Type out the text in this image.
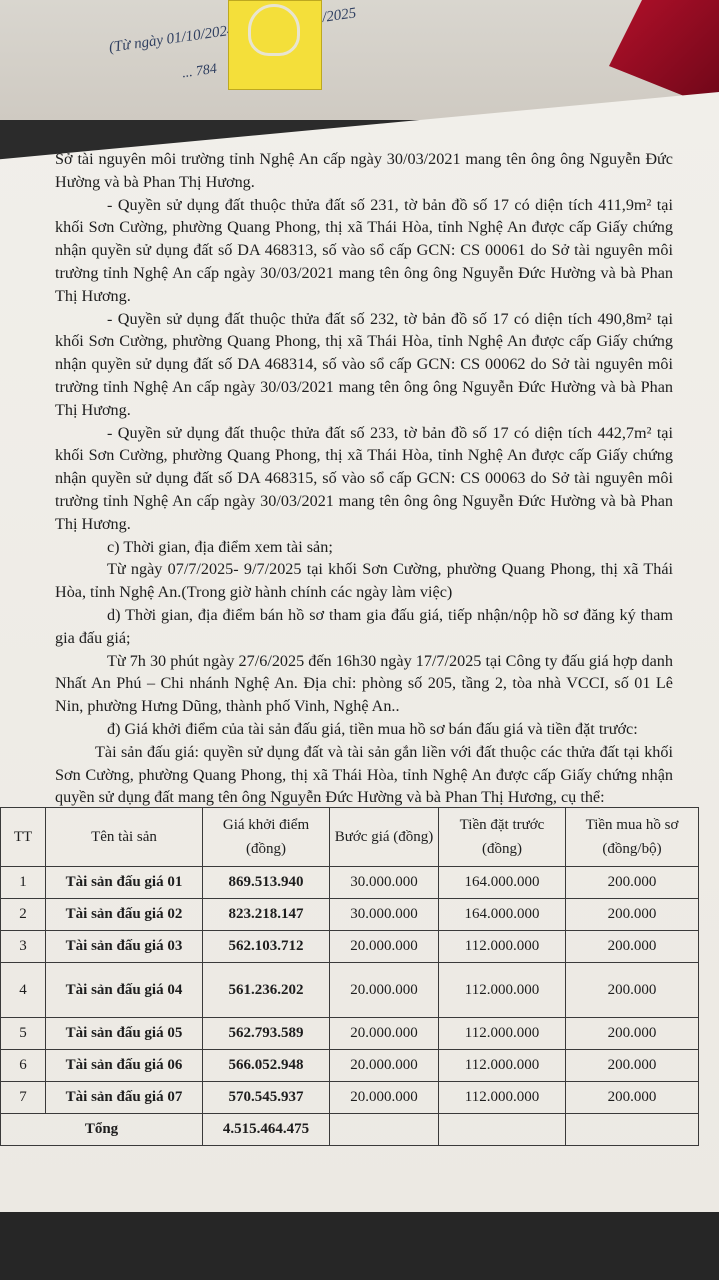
(Từ ngày 01/10/2024 25/6/2025
... 784

Sở tài nguyên môi trường tỉnh Nghệ An cấp ngày 30/03/2021 mang tên ông ông Nguyễn Đức Hường và bà Phan Thị Hương.

- Quyền sử dụng đất thuộc thửa đất số 231, tờ bản đồ số 17 có diện tích 411,9m² tại khối Sơn Cường, phường Quang Phong, thị xã Thái Hòa, tỉnh Nghệ An được cấp Giấy chứng nhận quyền sử dụng đất số DA 468313, số vào sổ cấp GCN: CS 00061 do Sở tài nguyên môi trường tỉnh Nghệ An cấp ngày 30/03/2021 mang tên ông ông Nguyễn Đức Hường và bà Phan Thị Hương.

- Quyền sử dụng đất thuộc thửa đất số 232, tờ bản đồ số 17 có diện tích 490,8m² tại khối Sơn Cường, phường Quang Phong, thị xã Thái Hòa, tỉnh Nghệ An được cấp Giấy chứng nhận quyền sử dụng đất số DA 468314, số vào sổ cấp GCN: CS 00062 do Sở tài nguyên môi trường tỉnh Nghệ An cấp ngày 30/03/2021 mang tên ông ông Nguyễn Đức Hường và bà Phan Thị Hương.

- Quyền sử dụng đất thuộc thửa đất số 233, tờ bản đồ số 17 có diện tích 442,7m² tại khối Sơn Cường, phường Quang Phong, thị xã Thái Hòa, tỉnh Nghệ An được cấp Giấy chứng nhận quyền sử dụng đất số DA 468315, số vào sổ cấp GCN: CS 00063 do Sở tài nguyên môi trường tỉnh Nghệ An cấp ngày 30/03/2021 mang tên ông ông Nguyễn Đức Hường và bà Phan Thị Hương.

c) Thời gian, địa điểm xem tài sản;

Từ ngày 07/7/2025- 9/7/2025 tại khối Sơn Cường, phường Quang Phong, thị xã Thái Hòa, tỉnh Nghệ An.(Trong giờ hành chính các ngày làm việc)

d) Thời gian, địa điểm bán hồ sơ tham gia đấu giá, tiếp nhận/nộp hồ sơ đăng ký tham gia đấu giá;

Từ 7h 30 phút ngày 27/6/2025 đến 16h30 ngày 17/7/2025 tại Công ty đấu giá hợp danh Nhất An Phú – Chi nhánh Nghệ An. Địa chỉ: phòng số 205, tầng 2, tòa nhà VCCI, số 01 Lê Nin, phường Hưng Dũng, thành phố Vinh, Nghệ An..

đ) Giá khởi điểm của tài sản đấu giá, tiền mua hồ sơ bán đấu giá và tiền đặt trước:

Tài sản đấu giá: quyền sử dụng đất và tài sản gắn liền với đất thuộc các thửa đất tại khối Sơn Cường, phường Quang Phong, thị xã Thái Hòa, tỉnh Nghệ An được cấp Giấy chứng nhận quyền sử dụng đất mang tên ông Nguyễn Đức Hường và bà Phan Thị Hương, cụ thể:

TT	Tên tài sản	Giá khởi điểm (đồng)	Bước giá (đồng)	Tiền đặt trước (đồng)	Tiền mua hồ sơ (đồng/bộ)
1	Tài sản đấu giá 01	869.513.940	30.000.000	164.000.000	200.000
2	Tài sản đấu giá 02	823.218.147	30.000.000	164.000.000	200.000
3	Tài sản đấu giá 03	562.103.712	20.000.000	112.000.000	200.000
4	Tài sản đấu giá 04	561.236.202	20.000.000	112.000.000	200.000
5	Tài sản đấu giá 05	562.793.589	20.000.000	112.000.000	200.000
6	Tài sản đấu giá 06	566.052.948	20.000.000	112.000.000	200.000
7	Tài sản đấu giá 07	570.545.937	20.000.000	112.000.000	200.000
Tổng		4.515.464.475			
